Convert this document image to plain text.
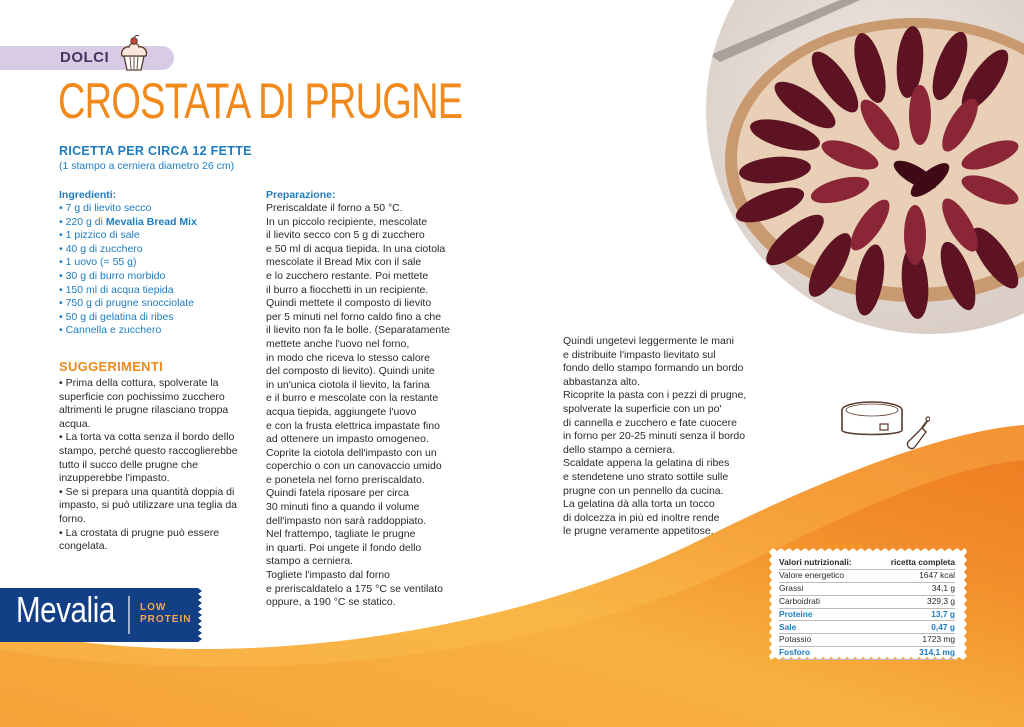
DOLCI
CROSTATA DI PRUGNE
RICETTA PER CIRCA 12 FETTE
(1 stampo a cerniera diametro 26 cm)
Ingredienti:
• 7 g di lievito secco
• 220 g di Mevalia Bread Mix
• 1 pizzico di sale
• 40 g di zucchero
• 1 uovo (= 55 g)
• 30 g di burro morbido
• 150 ml di acqua tiepida
• 750 g di prugne snocciolate
• 50 g di gelatina di ribes
• Cannella e zucchero
SUGGERIMENTI
• Prima della cottura, spolverate la superficie con pochissimo zucchero altrimenti le prugne rilasciano troppa acqua.
• La torta va cotta senza il bordo dello stampo, perché questo raccoglierebbe tutto il succo delle prugne che inzupperebbe l'impasto.
• Se si prepara una quantità doppia di impasto, si può utilizzare una teglia da forno.
• La crostata di prugne può essere congelata.
Preparazione:
Preriscaldate il forno a 50 °C.
In un piccolo recipiente, mescolate
il lievito secco con 5 g di zucchero
e 50 ml di acqua tiepida. In una ciotola
mescolate il Bread Mix con il sale
e lo zucchero restante. Poi mettete
il burro a fiocchetti in un recipiente.
Quindi mettete il composto di lievito
per 5 minuti nel forno caldo fino a che
il lievito non fa le bolle. (Separatamente
mettete anche l'uovo nel forno,
in modo che riceva lo stesso calore
del composto di lievito). Quindi unite
in un'unica ciotola il lievito, la farina
e il burro e mescolate con la restante
acqua tiepida, aggiungete l'uovo
e con la frusta elettrica impastate fino
ad ottenere un impasto omogeneo.
Coprite la ciotola dell'impasto con un
coperchio o con un canovaccio umido
e ponetela nel forno preriscaldato.
Quindi fatela riposare per circa
30 minuti fino a quando il volume
dell'impasto non sarà raddoppiato.
Nel frattempo, tagliate le prugne
in quarti. Poi ungete il fondo dello
stampo a cerniera.
Togliete l'impasto dal forno
e preriscaldatelo a 175 °C se ventilato
oppure, a 190 °C se statico.
Quindi ungetevi leggermente le mani
e distribuite l'impasto lievitato sul
fondo dello stampo formando un bordo
abbastanza alto.
Ricoprite la pasta con i pezzi di prugne,
spolverate la superficie con un po'
di cannella e zucchero e fate cuocere
in forno per 20-25 minuti senza il bordo
dello stampo a cerniera.
Scaldate appena la gelatina di ribes
e stendetene uno strato sottile sulle
prugne con un pennello da cucina.
La gelatina dà alla torta un tocco
di dolcezza in più ed inoltre rende
le prugne veramente appetitose.
Mevalia	LOW
PROTEIN
Valori nutrizionali:	ricetta completa
Valore energetico	1647 kcal
Grassi	34,1 g
Carboidrati	329,3 g
Proteine	13,7 g
Sale	0,47 g
Potassio	1723 mg
Fosforo	314,1 mg
